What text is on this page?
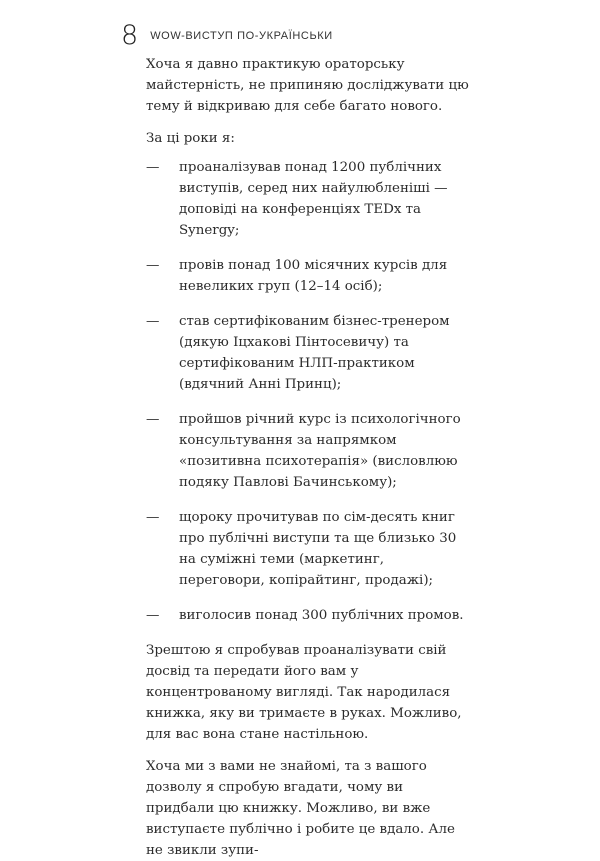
8 WOW-ВИСТУП ПО-УКРАЇНСЬКИ

Хоча я давно практикую ораторську майстерність, не припиняю досліджувати цю тему й відкриваю для себе багато нового.

За ці роки я:

— проаналізував понад 1200 публічних виступів, серед них найулюбленіші — доповіді на конференціях TEDx та Synergy;
— провів понад 100 місячних курсів для невеликих груп (12–14 осіб);
— став сертифікованим бізнес-тренером (дякую Іцхакові Пінтосевичу) та сертифікованим НЛП-практиком (вдячний Анні Принц);
— пройшов річний курс із психологічного консультування за напрямком «позитивна психотерапія» (висловлюю подяку Павлові Бачинському);
— щороку прочитував по сім-десять книг про публічні виступи та ще близько 30 на суміжні теми (маркетинг, переговори, копірайтинг, продажі);
— виголосив понад 300 публічних промов.

Зрештою я спробував проаналізувати свій досвід та передати його вам у концентрованому вигляді. Так народилася книжка, яку ви тримаєте в руках. Можливо, для вас вона стане настільною.

Хоча ми з вами не знайомі, та з вашого дозволу я спробую вгадати, чому ви придбали цю книжку. Можливо, ви вже виступаєте публічно і робите це вдало. Але не звикли зупи-
